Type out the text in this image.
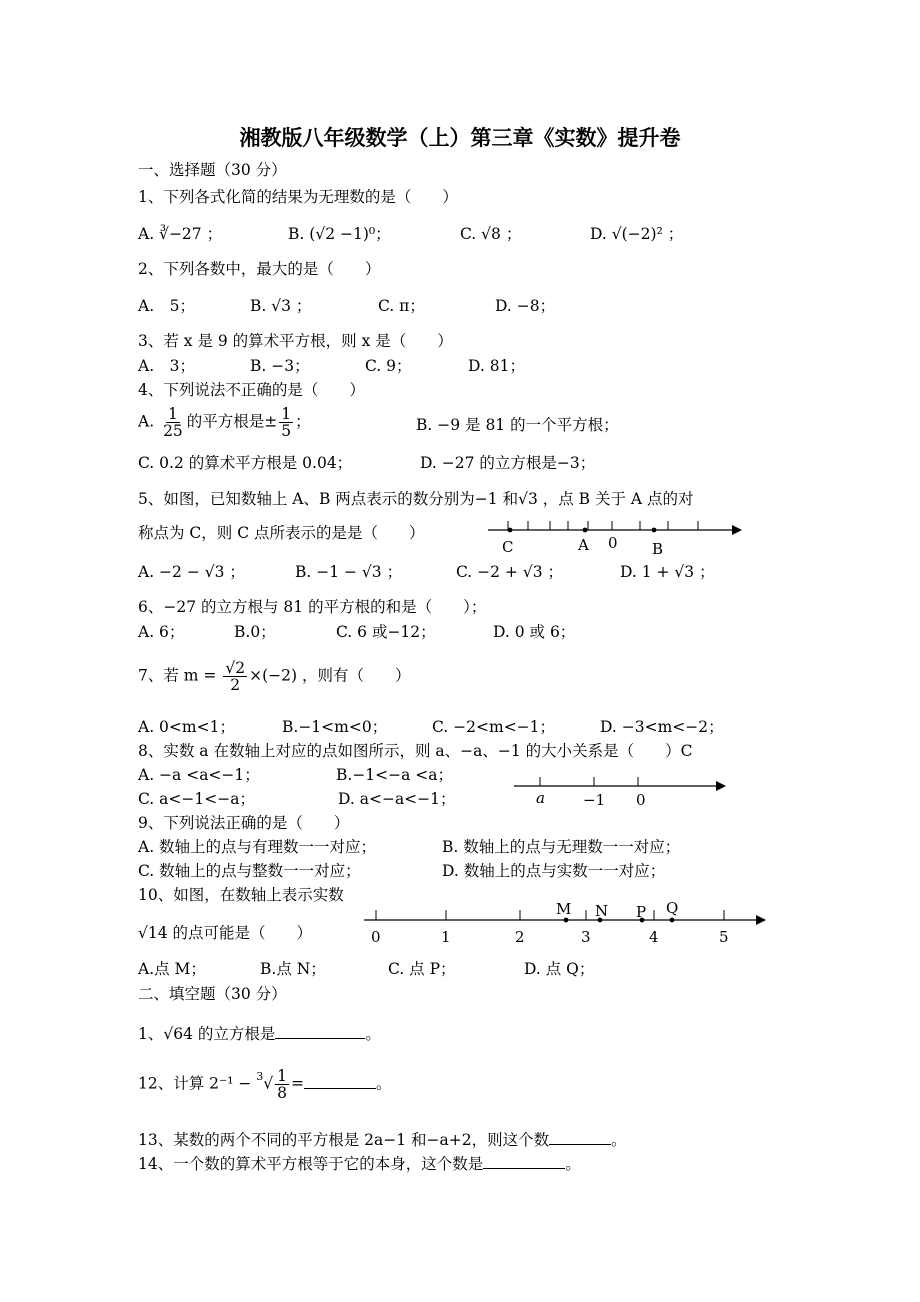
湘教版八年级数学（上）第三章《实数》提升卷
一、选择题（30 分）
1、下列各式化简的结果为无理数的是（　　）
A. ∛−27 ；	B. (√2 −1)⁰；	C. √8 ；	D. √(−2)² ；
2、下列各数中，最大的是（　　）
A.　5；	B. √3 ；	C. π；	D. −8；
3、若 x 是 9 的算术平方根，则 x 是（　　）
A.　3；	B. −3；	C. 9；	D. 81；
4、下列说法不正确的是（　　）
A. $\frac{1}{25}$ 的平方根是± $\frac{1}{5}$ ；	B. −9 是 81 的一个平方根；
C. 0.2 的算术平方根是 0.04；	D. −27 的立方根是−3；
5、如图，已知数轴上 A、B 两点表示的数分别为−1 和√3 ，点 B 关于 A 点的对
称点为 C，则 C 点所表示的是是（　　）
C	A 0 B
A. −2 − √3 ；	B. −1 − √3 ；	C. −2 + √3 ；	D. 1 + √3 ；
6、−27 的立方根与 81 的平方根的和是（　　）；
A. 6；	B.0；	C. 6 或−12；	D. 0 或 6；
7、若 $m = \frac{√2}{2} \times(-2)$ ，则有（　　）
A. 0<m<1；	B.−1<m<0；	C. −2<m<−1；	D. −3<m<−2；
8、实数 a 在数轴上对应的点如图所示，则 a、−a、−1 的大小关系是（　　）C
A. −a <a<−1；	B.−1<−a <a；
C. a<−1<−a；	D. a<−a<−1；	a	−1 0
9、下列说法正确的是（　　）
A. 数轴上的点与有理数一一对应；	B. 数轴上的点与无理数一一对应；
C. 数轴上的点与整数一一对应；	D. 数轴上的点与实数一一对应；
10、如图，在数轴上表示实数
√14 的点可能是（　　）	0	1	2	3	4	5
M N P Q
A.点 M；	B.点 N；	C. 点 P；	D. 点 Q；
二、填空题（30 分）
1、√64 的立方根是	。
12、计算 $2^{-1} - ^3√ \frac{1}{8}$ =	。
13、某数的两个不同的平方根是 2a−1 和−a+2，则这个数	。
14、一个数的算术平方根等于它的本身，这个数是	。
